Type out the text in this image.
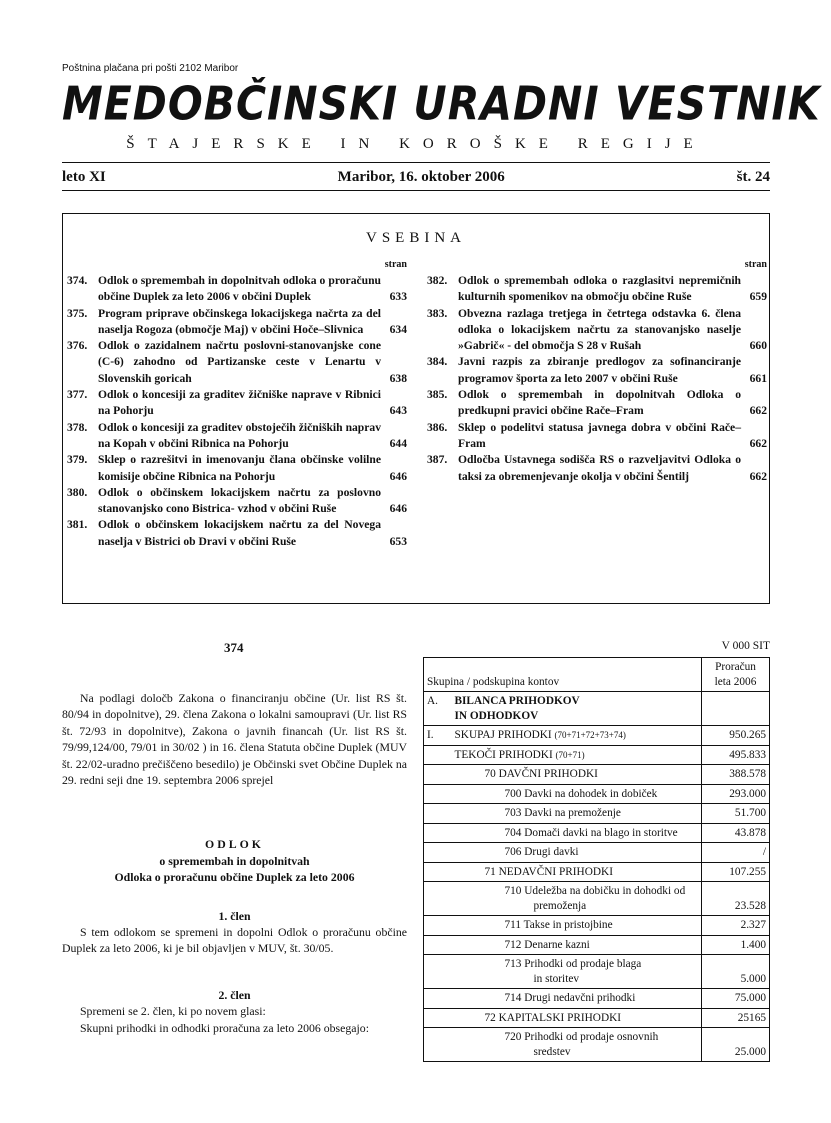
Poštnina plačana pri pošti 2102 Maribor
MEDOBČINSKI URADNI VESTNIK
ŠTAJERSKE IN KOROŠKE REGIJE
leto XI	Maribor, 16. oktober 2006	št. 24
VSEBINA
stran
374. Odlok o spremembah in dopolnitvah odloka o proračunu občine Duplek za leto 2006 v občini Duplek	633
375. Program priprave občinskega lokacijskega načrta za del naselja Rogoza (območje Maj) v občini Hoče–Slivnica	634
376. Odlok o zazidalnem načrtu poslovni-stanovanjske cone (C-6) zahodno od Partizanske ceste v Lenartu v Slovenskih goricah	638
377. Odlok o koncesiji za graditev žičniške naprave v Ribnici na Pohorju	643
378. Odlok o koncesiji za graditev obstoječih žičniških naprav na Kopah v občini Ribnica na Pohorju	644
379. Sklep o razrešitvi in imenovanju člana občinske volilne komisije občine Ribnica na Pohorju	646
380. Odlok o občinskem lokacijskem načrtu za poslovno stanovanjsko cono Bistrica- vzhod v občini Ruše	646
381. Odlok o občinskem lokacijskem načrtu za del Novega naselja v Bistrici ob Dravi v občini Ruše	653
stran
382. Odlok o spremembah odloka o razglasitvi nepremičnih kulturnih spomenikov na območju občine Ruše	659
383. Obvezna razlaga tretjega in četrtega odstavka 6. člena odloka o lokacijskem načrtu za stanovanjsko naselje »Gabrič« - del območja S 28 v Rušah	660
384. Javni razpis za zbiranje predlogov za sofinanciranje programov športa za leto 2007 v občini Ruše	661
385. Odlok o spremembah in dopolnitvah Odloka o predkupni pravici občine Rače–Fram	662
386. Sklep o podelitvi statusa javnega dobra v občini Rače–Fram	662
387. Odločba Ustavnega sodišča RS o razveljavitvi Odloka o taksi za obremenjevanje okolja v občini Šentilj	662
374

Na podlagi določb Zakona o financiranju občine (Ur. list RS št. 80/94 in dopolnitve), 29. člena Zakona o lokalni samoupravi (Ur. list RS št. 72/93 in dopolnitve), Zakona o javnih financah (Ur. list RS št. 79/99,124/00, 79/01 in 30/02 ) in 16. člena Statuta občine Duplek (MUV št. 22/02-uradno prečiščeno besedilo) je Občinski svet Občine Duplek na 29. redni seji dne 19. septembra 2006 sprejel

ODLOK

o spremembah in dopolnitvah

Odloka o proračunu občine Duplek za leto 2006

1. člen

S tem odlokom se spremeni in dopolni Odlok o proračunu občine Duplek za leto 2006, ki je bil objavljen v MUV, št. 30/05.

2. člen

Spremeni se 2. člen, ki po novem glasi:

Skupni prihodki in odhodki proračuna za leto 2006 obsegajo:

V 000 SIT
Skupina / podskupina kontov		Proračun
leta 2006

A.	BILANCA PRIHODKOV
IN ODHODKOV	

I.	SKUPAJ PRIHODKI (70+71+72+73+74)	950.265

	TEKOČI PRIHODKI (70+71)	495.833

	70 DAVČNI PRIHODKI	388.578

	700 Davki na dohodek in dobiček	293.000

	703 Davki na premoženje	51.700

	704 Domači davki na blago in storitve	43.878

	706 Drugi davki	/

	71 NEDAVČNI PRIHODKI	107.255

	710 Udeležba na dobičku in dohodki od
premoženja	23.528

	711 Takse in pristojbine	2.327

	712 Denarne kazni	1.400

	713 Prihodki od prodaje blaga
in storitev	5.000

	714 Drugi nedavčni prihodki	75.000

	72 KAPITALSKI PRIHODKI	25165

	720 Prihodki od prodaje osnovnih
sredstev	25.000
